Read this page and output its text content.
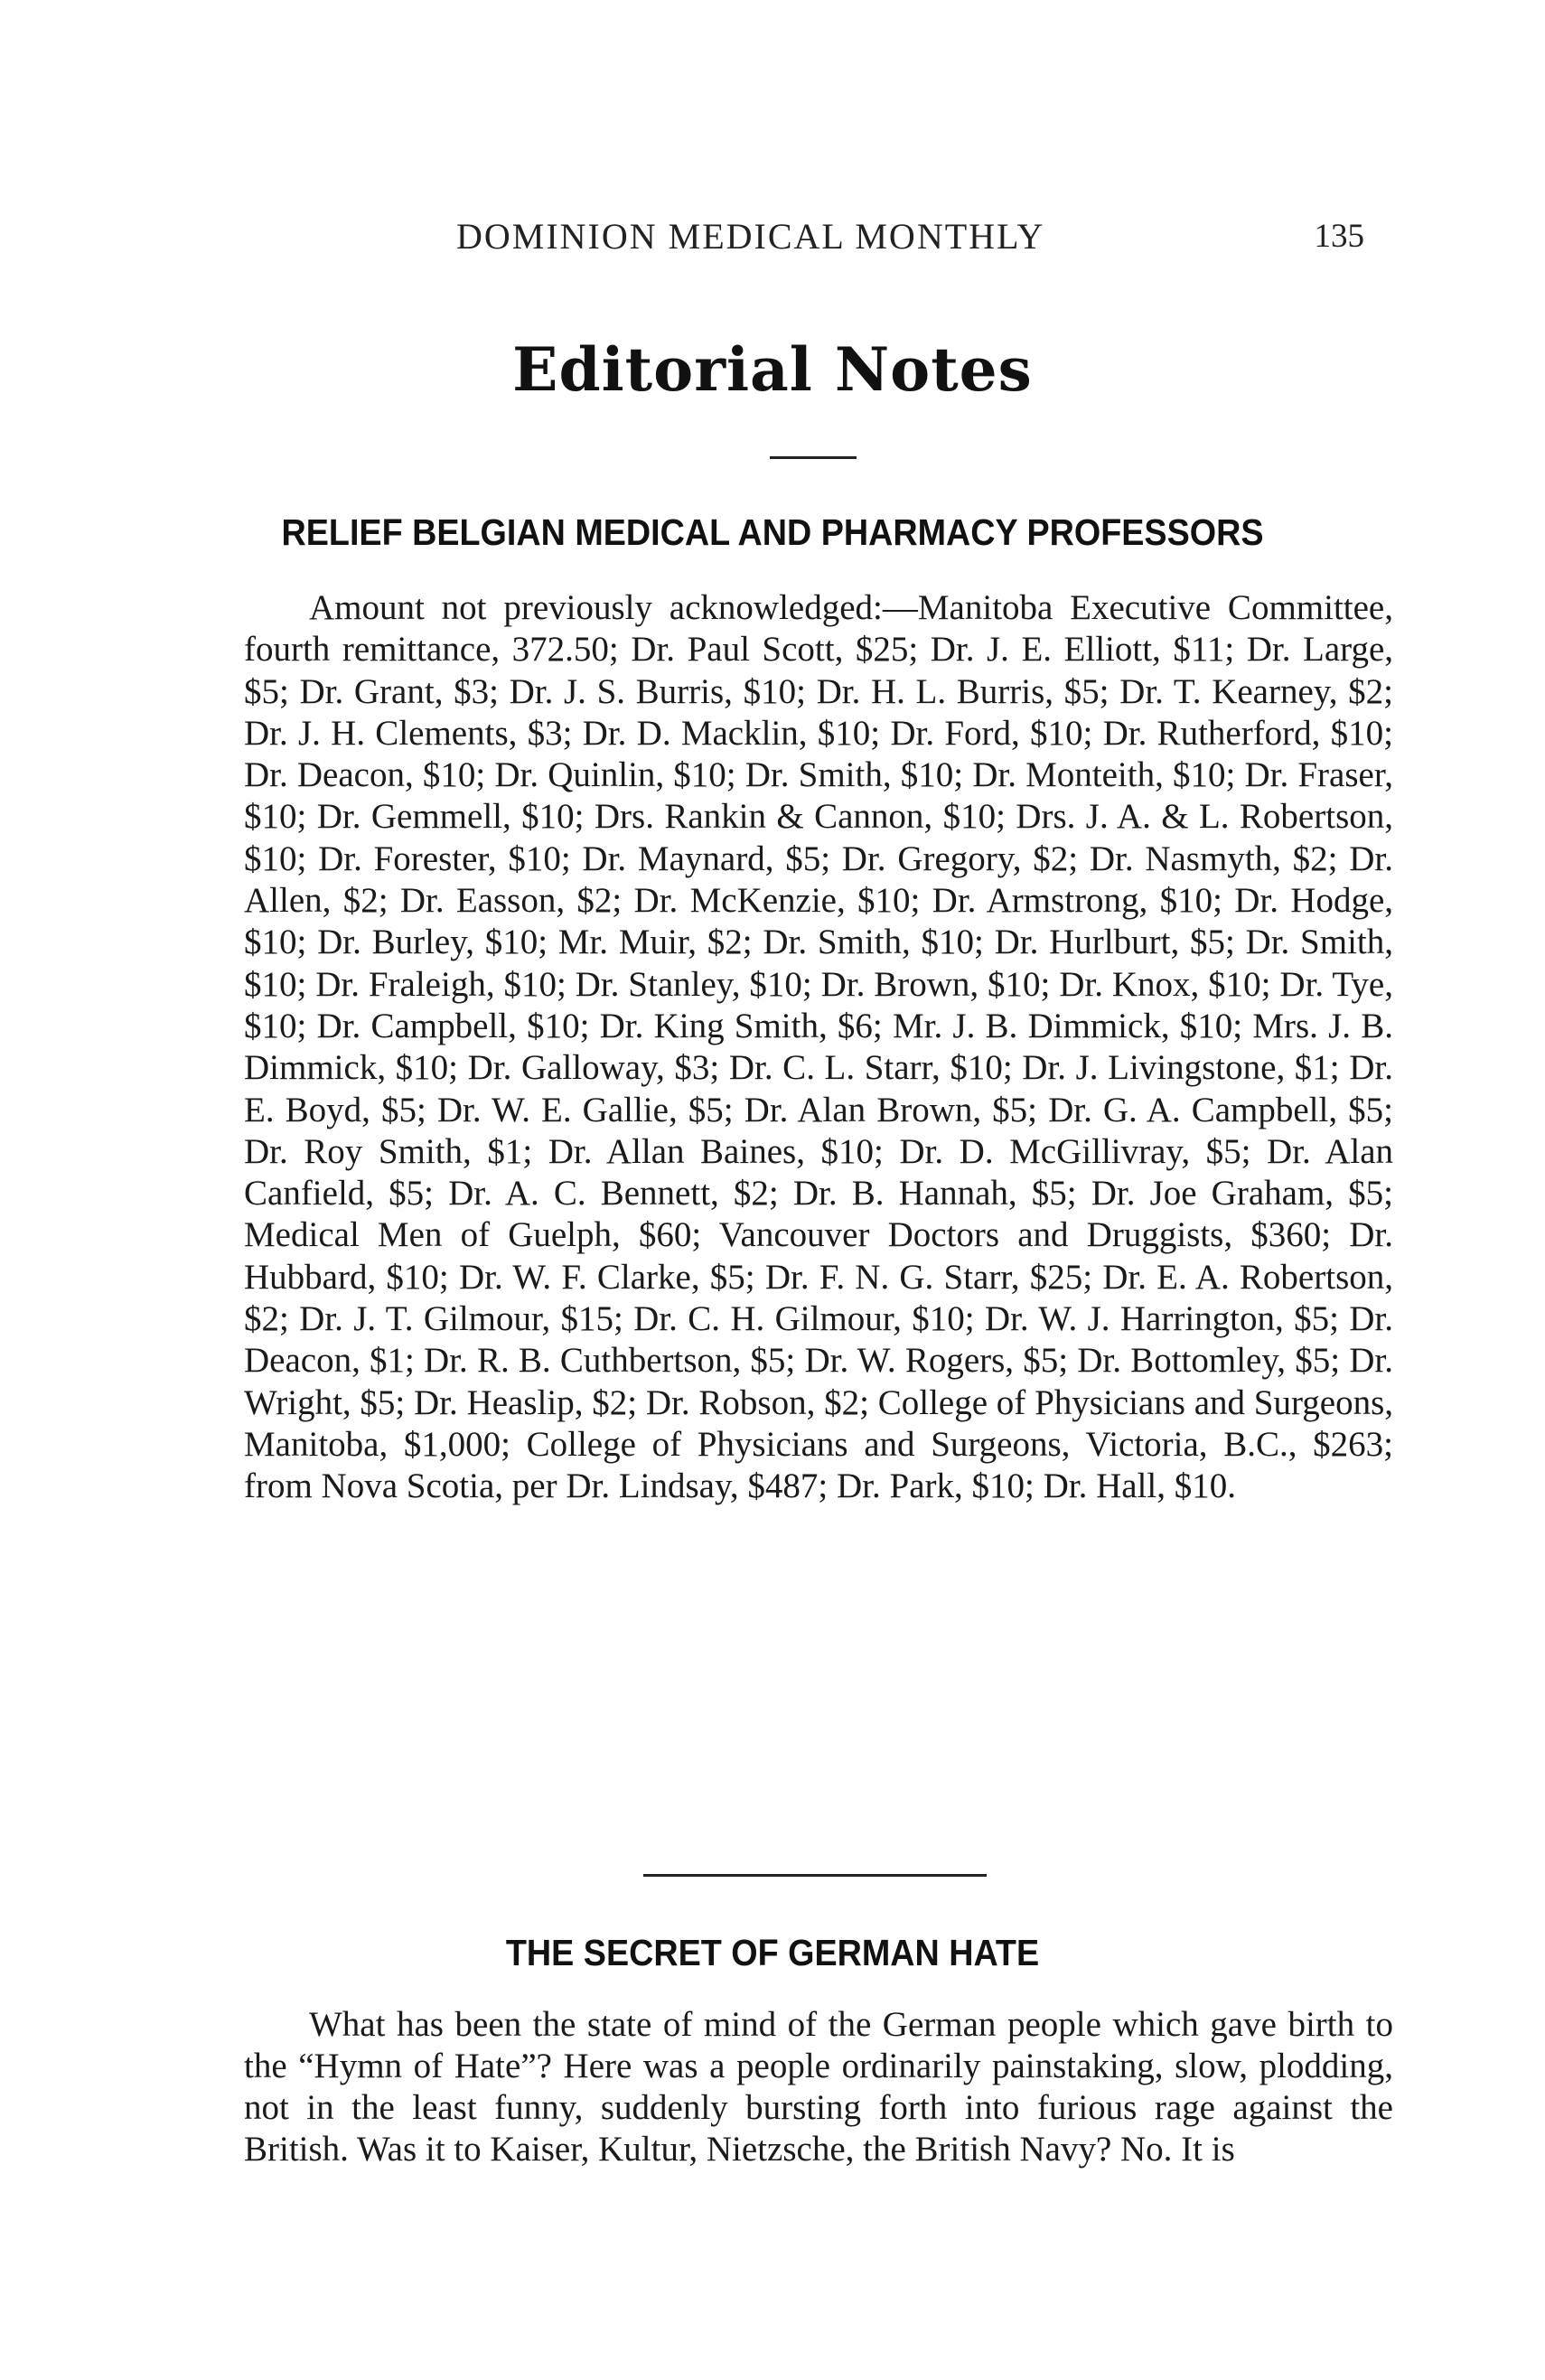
DOMINION MEDICAL MONTHLY	135
Editorial Notes
RELIEF BELGIAN MEDICAL AND PHARMACY PROFESSORS

Amount not previously acknowledged:—Manitoba Executive Committee, fourth remittance, 372.50; Dr. Paul Scott, $25; Dr. J. E. Elliott, $11; Dr. Large, $5; Dr. Grant, $3; Dr. J. S. Burris, $10; Dr. H. L. Burris, $5; Dr. T. Kearney, $2; Dr. J. H. Clements, $3; Dr. D. Macklin, $10; Dr. Ford, $10; Dr. Rutherford, $10; Dr. Deacon, $10; Dr. Quinlin, $10; Dr. Smith, $10; Dr. Monteith, $10; Dr. Fraser, $10; Dr. Gemmell, $10; Drs. Rankin & Cannon, $10; Drs. J. A. & L. Robertson, $10; Dr. Forester, $10; Dr. Maynard, $5; Dr. Gregory, $2; Dr. Nasmyth, $2; Dr. Allen, $2; Dr. Easson, $2; Dr. McKenzie, $10; Dr. Armstrong, $10; Dr. Hodge, $10; Dr. Burley, $10; Mr. Muir, $2; Dr. Smith, $10; Dr. Hurlburt, $5; Dr. Smith, $10; Dr. Fraleigh, $10; Dr. Stanley, $10; Dr. Brown, $10; Dr. Knox, $10; Dr. Tye, $10; Dr. Campbell, $10; Dr. King Smith, $6; Mr. J. B. Dimmick, $10; Mrs. J. B. Dimmick, $10; Dr. Galloway, $3; Dr. C. L. Starr, $10; Dr. J. Livingstone, $1; Dr. E. Boyd, $5; Dr. W. E. Gallie, $5; Dr. Alan Brown, $5; Dr. G. A. Campbell, $5; Dr. Roy Smith, $1; Dr. Allan Baines, $10; Dr. D. McGillivray, $5; Dr. Alan Canfield, $5; Dr. A. C. Bennett, $2; Dr. B. Hannah, $5; Dr. Joe Graham, $5; Medical Men of Guelph, $60; Vancouver Doctors and Druggists, $360; Dr. Hubbard, $10; Dr. W. F. Clarke, $5; Dr. F. N. G. Starr, $25; Dr. E. A. Robertson, $2; Dr. J. T. Gilmour, $15; Dr. C. H. Gilmour, $10; Dr. W. J. Harrington, $5; Dr. Deacon, $1; Dr. R. B. Cuthbertson, $5; Dr. W. Rogers, $5; Dr. Bottomley, $5; Dr. Wright, $5; Dr. Heaslip, $2; Dr. Robson, $2; College of Physicians and Surgeons, Manitoba, $1,000; College of Physicians and Surgeons, Victoria, B.C., $263; from Nova Scotia, per Dr. Lindsay, $487; Dr. Park, $10; Dr. Hall, $10.

THE SECRET OF GERMAN HATE

What has been the state of mind of the German people which gave birth to the “Hymn of Hate”? Here was a people ordinarily painstaking, slow, plodding, not in the least funny, suddenly bursting forth into furious rage against the British. Was it to Kaiser, Kultur, Nietzsche, the British Navy? No. It is
